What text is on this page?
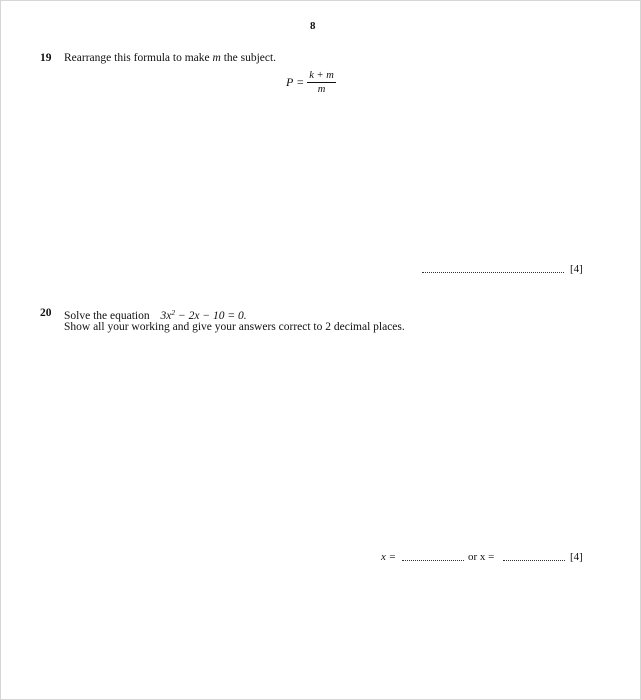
8
19 Rearrange this formula to make m the subject.
$P = \frac{k + m}{m}$
[4]
20 Solve the equation $3x^2 - 2x - 10 = 0$.
Show all your working and give your answers correct to 2 decimal places.
x =	or x =	[4]
